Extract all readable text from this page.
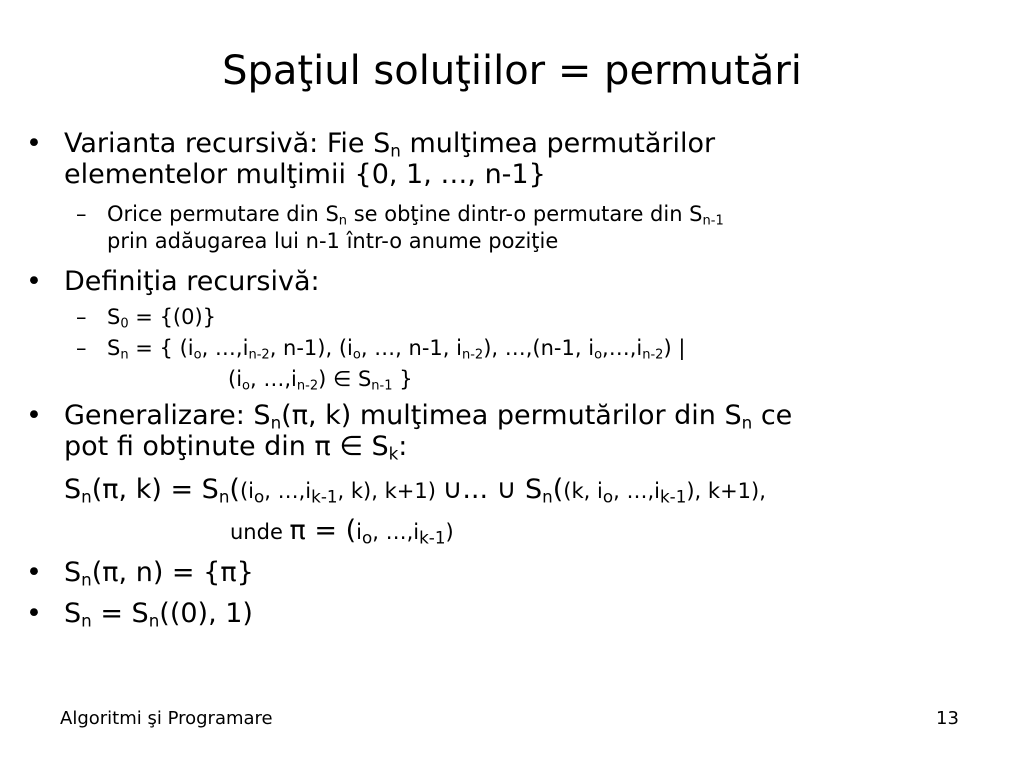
Spaţiul soluţiilor = permutări
• Varianta recursivă: Fie $S_n$ mulţimea permutărilor
elementelor mulţimii {0, 1, …, n-1}
– Orice permutare din $S_n$ se obţine dintr-o permutare din $S_{n-1}$
prin adăugarea lui n-1 într-o anume poziţie
• Definiţia recursivă:
– $S_0 = \{(0)\}$
– $S_n$ = { ($i_o$, $\dots,i_{n-2}$, n-1), ($i_o$, …, n-1, $i_{n-2}$), …,(n-1, $i_o,\dots,i_{n-2}$) |
($i_o$, $\dots,i_{n-2}$) ∈ $S_{n-1}$ }
• Generalizare: $S_n(\pi$, k) mulţimea permutărilor din $S_n$ ce
pot fi obţinute din π ∈ $S_k$:
$S_n(\pi$, $k) = S_n((i_o$, $\dots,i_{k-1}$, k), k+1) ∪... ∪ $S_n((k$, $i_o$, $\dots,i_{k-1}$), k+1),
unde $\pi = (i_o$, $\dots,i_{k-1}$)
• $S_n(\pi$, n) = {π}
• $S_n = S_n((0)$, 1)
Algoritmi şi Programare	13
